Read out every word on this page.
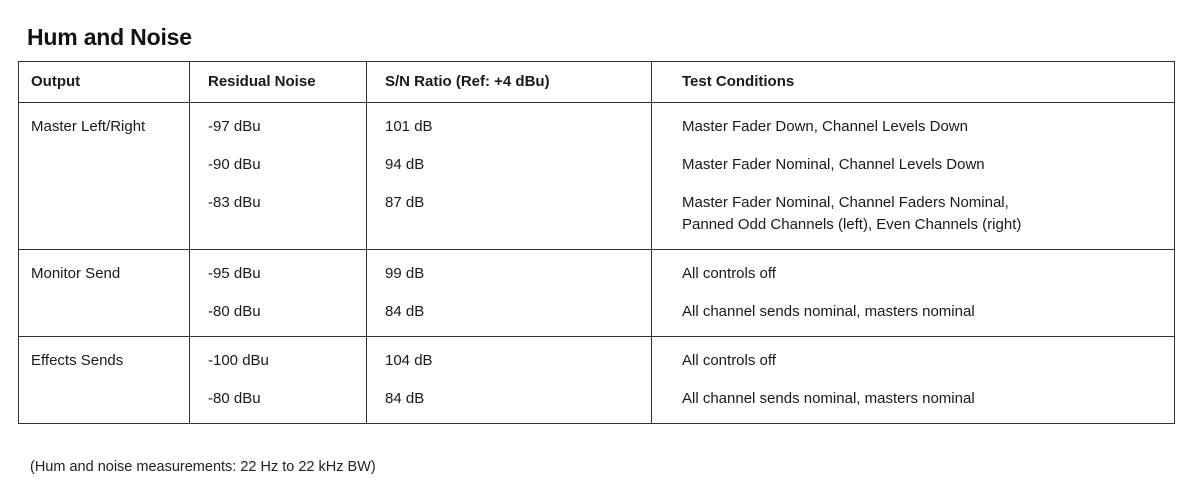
Hum and Noise
Output	Residual Noise	S/N Ratio (Ref: +4 dBu)	Test Conditions
Master Left/Right	-97 dBu	101 dB	Master Fader Down, Channel Levels Down

	-90 dBu	94 dB	Master Fader Nominal, Channel Levels Down

	-83 dBu	87 dB	Master Fader Nominal, Channel Faders Nominal,
Panned Odd Channels (left), Even Channels (right)

Monitor Send	-95 dBu	99 dB	All controls off

	-80 dBu	84 dB	All channel sends nominal, masters nominal

Effects Sends	-100 dBu	104 dB	All controls off

	-80 dBu	84 dB	All channel sends nominal, masters nominal
(Hum and noise measurements: 22 Hz to 22 kHz BW)
